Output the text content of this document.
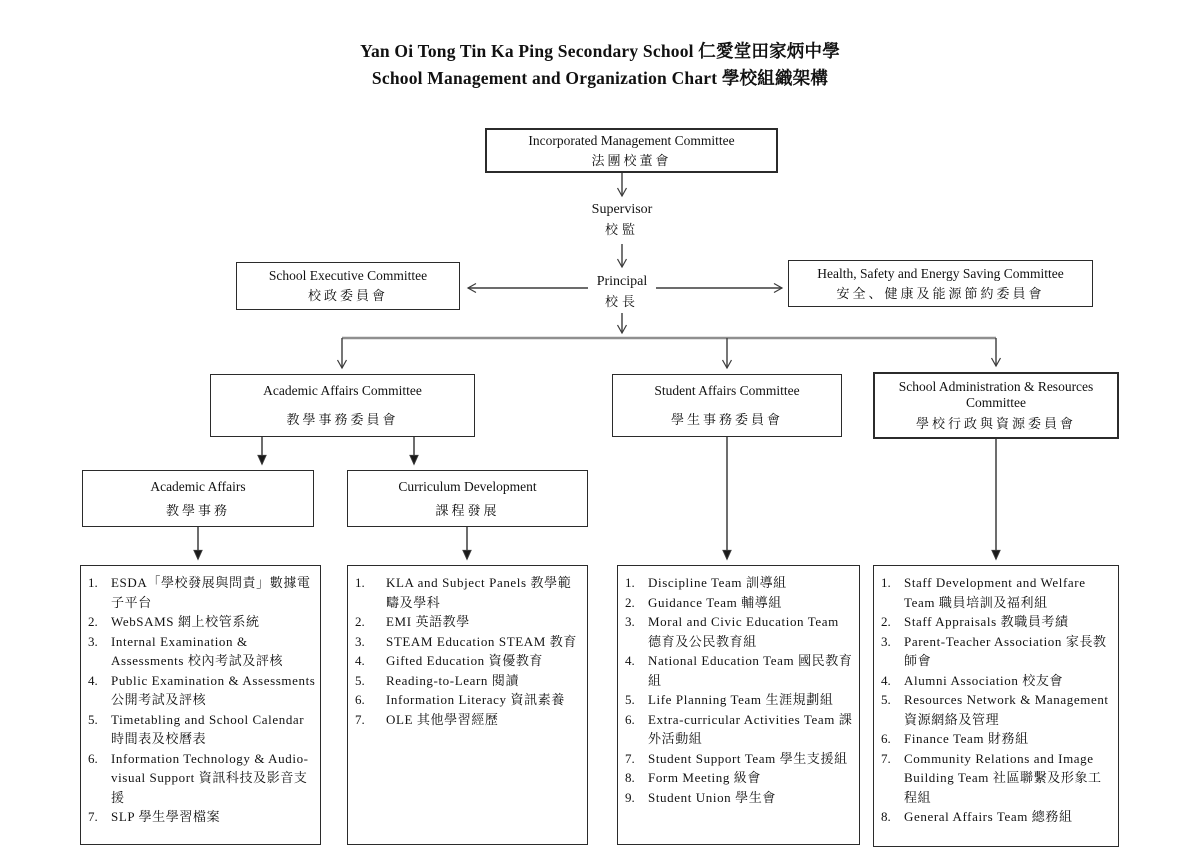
Yan Oi Tong Tin Ka Ping Secondary School 仁愛堂田家炳中學
School Management and Organization Chart 學校組織架構
Incorporated Management Committee
法團校董會
Supervisor
校監
Principal
校長
School Executive Committee
校政委員會
Health, Safety and Energy Saving Committee
安全、健康及能源節約委員會
Academic Affairs Committee
教學事務委員會
Student Affairs Committee
學生事務委員會
School Administration & Resources Committee
學校行政與資源委員會
Academic Affairs
教學事務
Curriculum Development
課程發展
1.	ESDA「學校發展與問責」數據電子平台
2.	WebSAMS 網上校管系統
3.	Internal Examination & Assessments 校內考試及評核
4.	Public Examination & Assessments 公開考試及評核
5.	Timetabling and School Calendar 時間表及校曆表
6.	Information Technology & Audio-visual Support 資訊科技及影音支援
7.	SLP 學生學習檔案
1.	KLA and Subject Panels 教學範疇及學科
2.	EMI 英語教學
3.	STEAM Education STEAM 教育
4.	Gifted Education 資優教育
5.	Reading-to-Learn 閱讀
6.	Information Literacy 資訊素養
7.	OLE 其他學習經歷
1.	Discipline Team 訓導組
2.	Guidance Team 輔導組
3.	Moral and Civic Education Team 德育及公民教育組
4.	National Education Team 國民教育組
5.	Life Planning Team 生涯規劃組
6.	Extra-curricular Activities Team 課外活動組
7.	Student Support Team 學生支援組
8.	Form Meeting 級會
9.	Student Union 學生會
1.	Staff Development and Welfare Team 職員培訓及福利組
2.	Staff Appraisals 教職員考績
3.	Parent-Teacher Association 家長教師會
4.	Alumni Association 校友會
5.	Resources Network & Management 資源網絡及管理
6.	Finance Team 財務組
7.	Community Relations and Image Building Team 社區聯繫及形象工程組
8.	General Affairs Team 總務組
